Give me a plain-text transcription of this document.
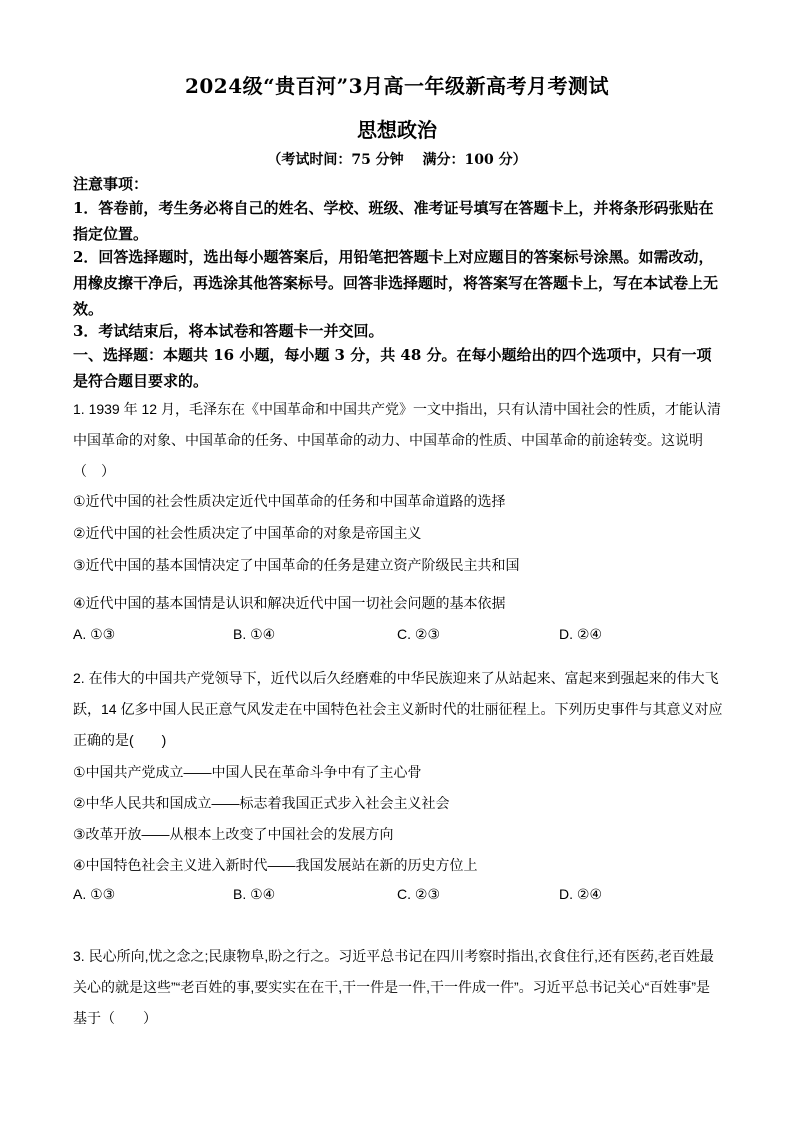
2024级“贵百河”3月高一年级新高考月考测试
思想政治
（考试时间：75 分钟　 满分：100 分）
注意事项：
1．答卷前，考生务必将自己的姓名、学校、班级、准考证号填写在答题卡上，并将条形码张贴在指定位置。
2．回答选择题时，选出每小题答案后，用铅笔把答题卡上对应题目的答案标号涂黑。如需改动，用橡皮擦干净后，再选涂其他答案标号。回答非选择题时，将答案写在答题卡上，写在本试卷上无效。
3．考试结束后，将本试卷和答题卡一并交回。
一、选择题：本题共 16 小题，每小题 3 分，共 48 分。在每小题给出的四个选项中，只有一项是符合题目要求的。
1. 1939 年 12 月，毛泽东在《中国革命和中国共产党》一文中指出，只有认清中国社会的性质，才能认清中国革命的对象、中国革命的任务、中国革命的动力、中国革命的性质、中国革命的前途转变。这说明（　）
①近代中国的社会性质决定近代中国革命的任务和中国革命道路的选择
②近代中国的社会性质决定了中国革命的对象是帝国主义
③近代中国的基本国情决定了中国革命的任务是建立资产阶级民主共和国
④近代中国的基本国情是认识和解决近代中国一切社会问题的基本依据
A. ①③	B. ①④	C. ②③	D. ②④
2. 在伟大的中国共产党领导下，近代以后久经磨难的中华民族迎来了从站起来、富起来到强起来的伟大飞跃，14 亿多中国人民正意气风发走在中国特色社会主义新时代的壮丽征程上。下列历史事件与其意义对应正确的是(　　)
①中国共产党成立——中国人民在革命斗争中有了主心骨
②中华人民共和国成立——标志着我国正式步入社会主义社会
③改革开放——从根本上改变了中国社会的发展方向
④中国特色社会主义进入新时代——我国发展站在新的历史方位上
A. ①③	B. ①④	C. ②③	D. ②④
3. 民心所向,忧之念之;民康物阜,盼之行之。习近平总书记在四川考察时指出,衣食住行,还有医药,老百姓最关心的就是这些”“老百姓的事,要实实在在干,干一件是一件,干一件成一件”。习近平总书记关心“百姓事”是基于（　　）
